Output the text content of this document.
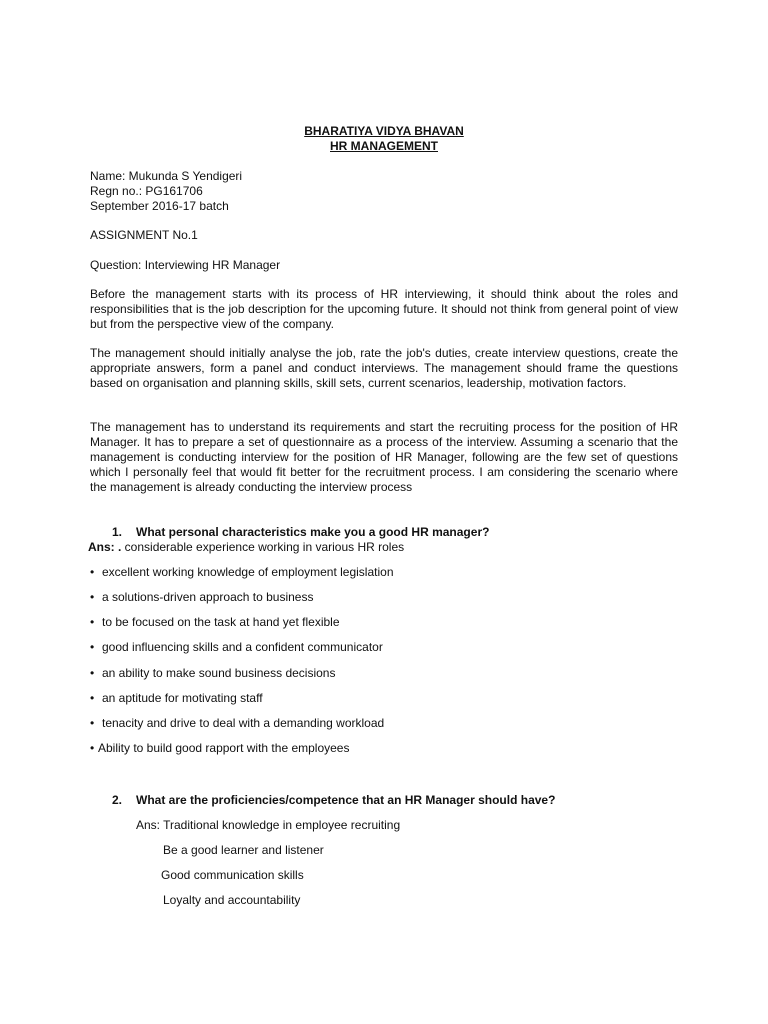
BHARATIYA VIDYA BHAVAN
HR MANAGEMENT
Name: Mukunda S Yendigeri
Regn no.: PG161706
September 2016-17 batch
ASSIGNMENT No.1
Question: Interviewing HR Manager
Before the management starts with its process of HR interviewing, it should think about the roles and responsibilities that is the job description for the upcoming future. It should not think from general point of view but from the perspective view of the company.
The management should initially analyse the job, rate the job's duties, create interview questions, create the appropriate answers, form a panel and conduct interviews. The management should frame the questions based on organisation and planning skills, skill sets, current scenarios, leadership, motivation factors.
The management has to understand its requirements and start the recruiting process for the position of HR Manager. It has to prepare a set of questionnaire as a process of the interview. Assuming a scenario that the management is conducting interview for the position of HR Manager, following are the few set of questions which I personally feel that would fit better for the recruitment process. I am considering the scenario where the management is already conducting the interview process
1. What personal characteristics make you a good HR manager?
Ans: . considerable experience working in various HR roles
• excellent working knowledge of employment legislation
• a solutions-driven approach to business
• to be focused on the task at hand yet flexible
• good influencing skills and a confident communicator
• an ability to make sound business decisions
• an aptitude for motivating staff
• tenacity and drive to deal with a demanding workload
• Ability to build good rapport with the employees
2. What are the proficiencies/competence that an HR Manager should have?
Ans: Traditional knowledge in employee recruiting
Be a good learner and listener
Good communication skills
Loyalty and accountability
